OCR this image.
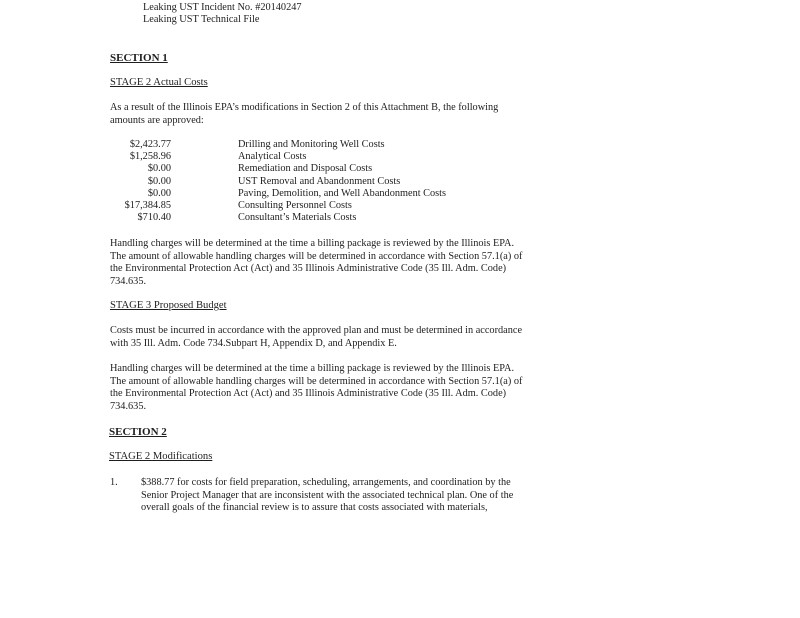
Leaking UST Incident No. #20140247
Leaking UST Technical File
SECTION 1
STAGE 2 Actual Costs
As a result of the Illinois EPA’s modifications in Section 2 of this Attachment B, the following amounts are approved:
$2,423.77	Drilling and Monitoring Well Costs
$1,258.96	Analytical Costs
$0.00	Remediation and Disposal Costs
$0.00	UST Removal and Abandonment Costs
$0.00	Paving, Demolition, and Well Abandonment Costs
$17,384.85	Consulting Personnel Costs
$710.40	Consultant’s Materials Costs
Handling charges will be determined at the time a billing package is reviewed by the Illinois EPA. The amount of allowable handling charges will be determined in accordance with Section 57.1(a) of the Environmental Protection Act (Act) and 35 Illinois Administrative Code (35 Ill. Adm. Code) 734.635.
STAGE 3 Proposed Budget
Costs must be incurred in accordance with the approved plan and must be determined in accordance with 35 Ill. Adm. Code 734.Subpart H, Appendix D, and Appendix E.
Handling charges will be determined at the time a billing package is reviewed by the Illinois EPA. The amount of allowable handling charges will be determined in accordance with Section 57.1(a) of the Environmental Protection Act (Act) and 35 Illinois Administrative Code (35 Ill. Adm. Code) 734.635.
SECTION 2
STAGE 2 Modifications
1. $388.77 for costs for field preparation, scheduling, arrangements, and coordination by the Senior Project Manager that are inconsistent with the associated technical plan. One of the overall goals of the financial review is to assure that costs associated with materials,
